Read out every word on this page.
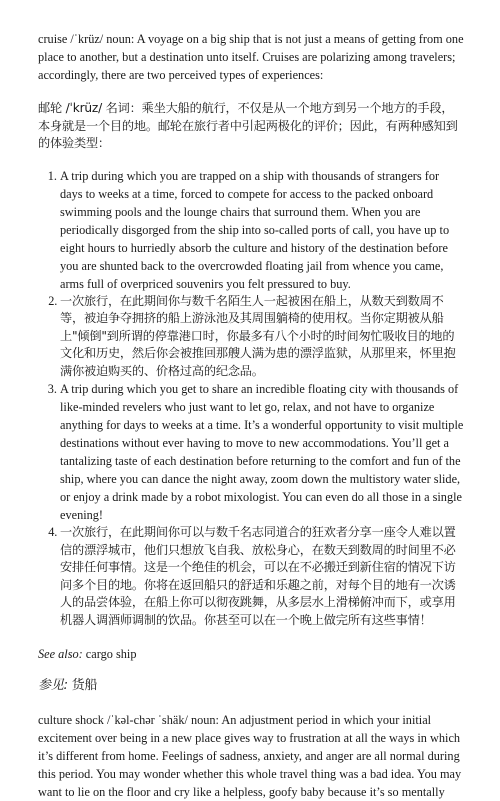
cruise /ˈkrüz/ noun: A voyage on a big ship that is not just a means of getting from one place to another, but a destination unto itself. Cruises are polarizing among travelers; accordingly, there are two perceived types of experiences:

邮轮 /ˈkrüz/ 名词：乘坐大船的航行，不仅是从一个地方到另一个地方的手段，本身就是一个目的地。邮轮在旅行者中引起两极化的评价；因此，有两种感知到的体验类型：

1. A trip during which you are trapped on a ship with thousands of strangers for days to weeks at a time, forced to compete for access to the packed onboard swimming pools and the lounge chairs that surround them. When you are periodically disgorged from the ship into so-called ports of call, you have up to eight hours to hurriedly absorb the culture and history of the destination before you are shunted back to the overcrowded floating jail from whence you came, arms full of overpriced souvenirs you felt pressured to buy.
2. 一次旅行，在此期间你与数千名陌生人一起被困在船上，从数天到数周不等，被迫争夺拥挤的船上游泳池及其周围躺椅的使用权。当你定期被从船上"倾倒"到所谓的停靠港口时，你最多有八个小时的时间匆忙吸收目的地的文化和历史，然后你会被推回那艘人满为患的漂浮监狱，从那里来，怀里抱满你被迫购买的、价格过高的纪念品。
3. A trip during which you get to share an incredible floating city with thousands of like-minded revelers who just want to let go, relax, and not have to organize anything for days to weeks at a time. It’s a wonderful opportunity to visit multiple destinations without ever having to move to new accommodations. You’ll get a tantalizing taste of each destination before returning to the comfort and fun of the ship, where you can dance the night away, zoom down the multistory water slide, or enjoy a drink made by a robot mixologist. You can even do all those in a single evening!
4. 一次旅行，在此期间你可以与数千名志同道合的狂欢者分享一座令人难以置信的漂浮城市，他们只想放飞自我、放松身心，在数天到数周的时间里不必安排任何事情。这是一个绝佳的机会，可以在不必搬迁到新住宿的情况下访问多个目的地。你将在返回船只的舒适和乐趣之前，对每个目的地有一次诱人的品尝体验，在船上你可以彻夜跳舞，从多层水上滑梯俯冲而下，或享用机器人调酒师调制的饮品。你甚至可以在一个晚上做完所有这些事情！

See also: cargo ship

参见: 货船

culture shock /ˈkəl-chər ˈshäk/ noun: An adjustment period in which your initial excitement over being in a new place gives way to frustration at all the ways in which it’s different from home. Feelings of sadness, anxiety, and anger are all normal during this period. You may wonder whether this whole travel thing was a bad idea. You may want to lie on the floor and cry like a helpless, goofy baby because it’s so mentally
